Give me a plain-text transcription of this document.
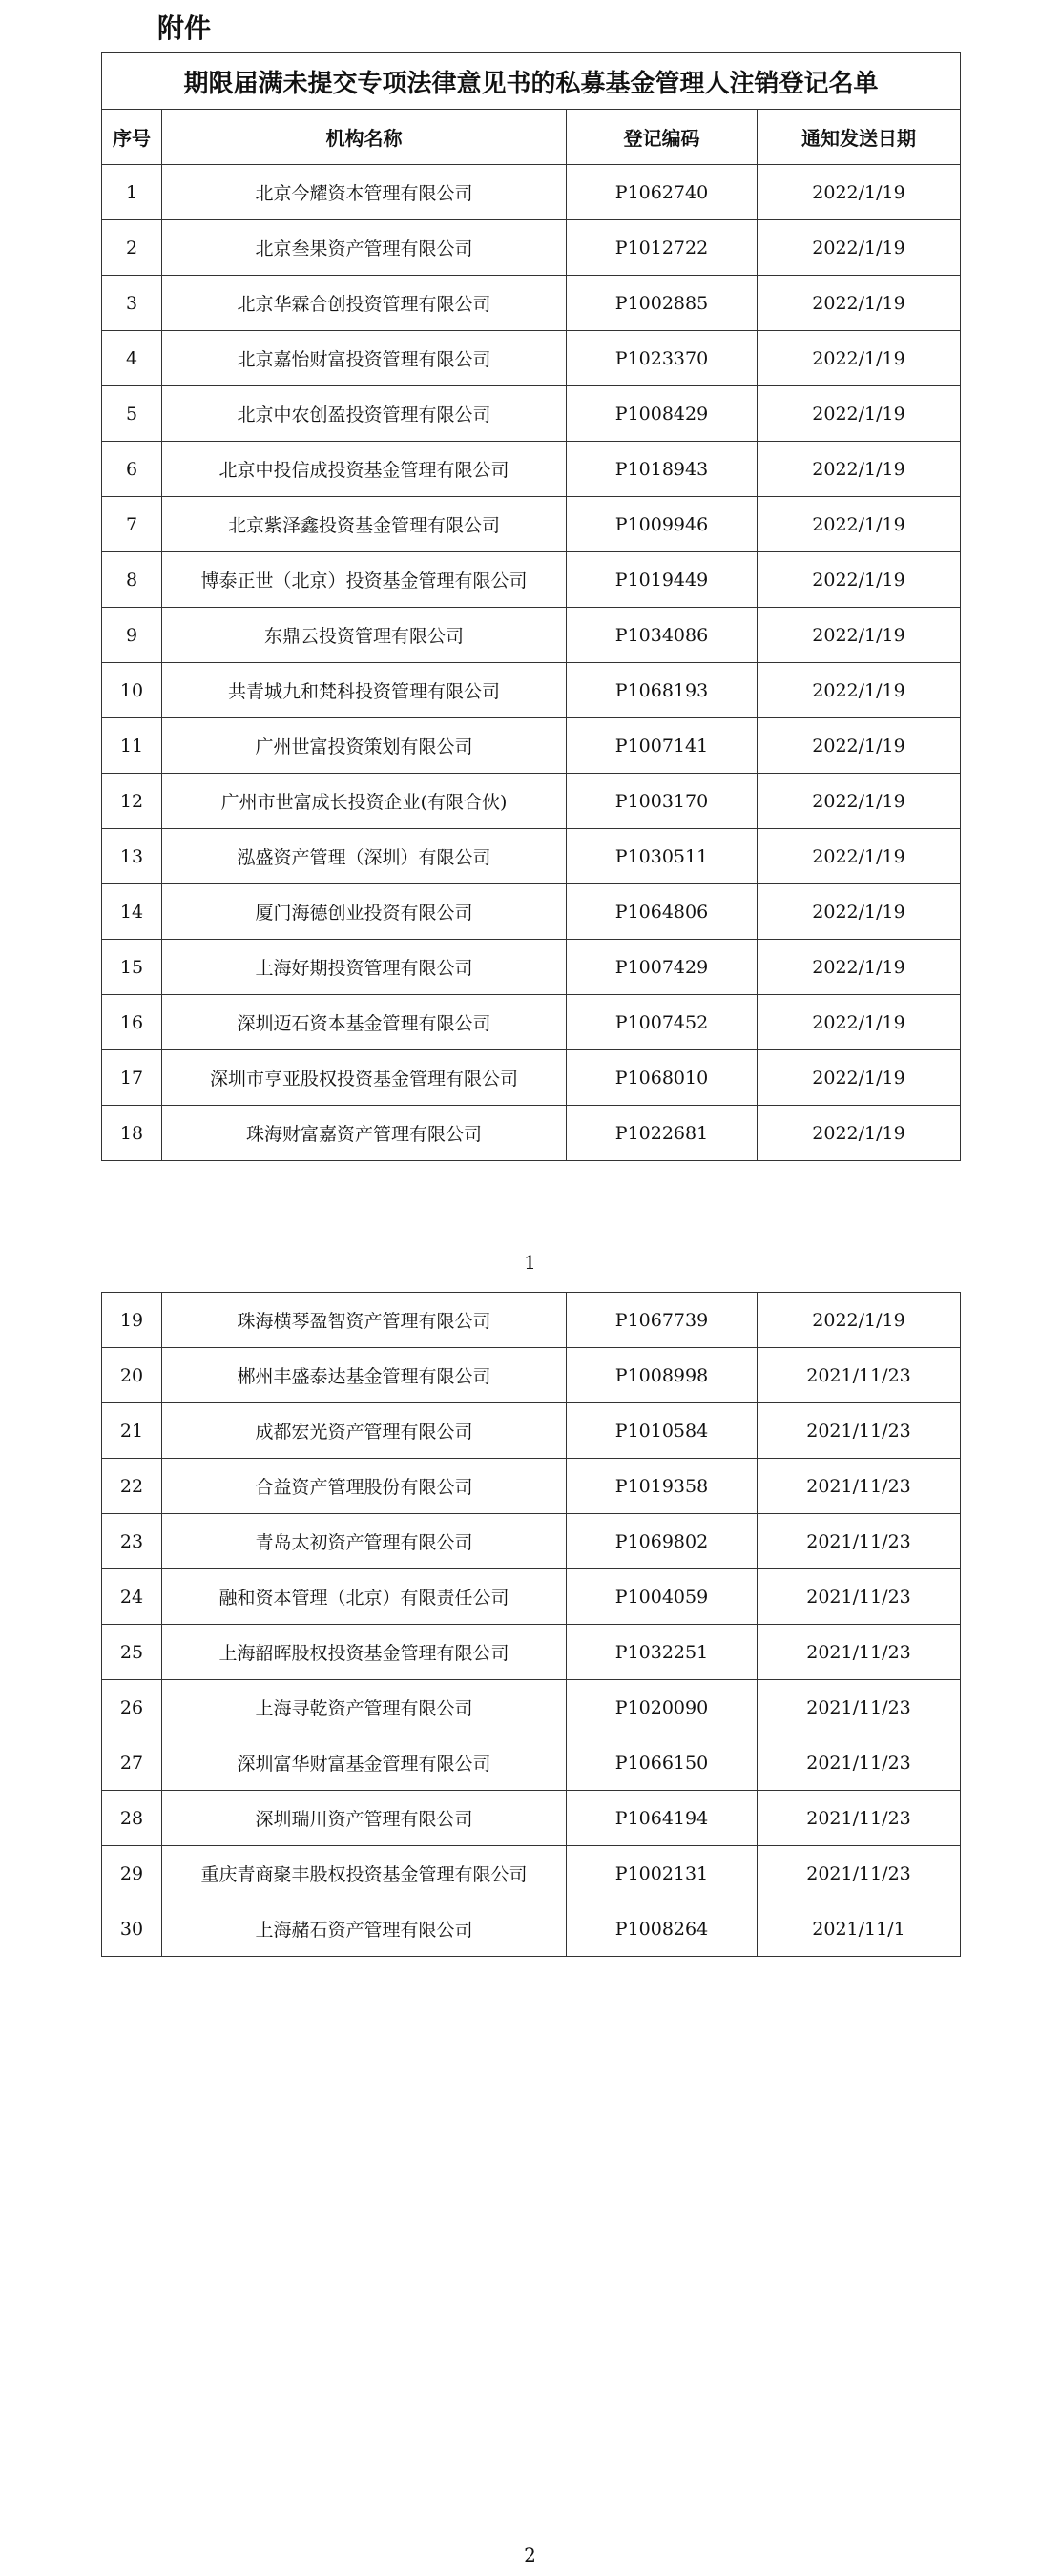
附件
期限届满未提交专项法律意见书的私募基金管理人注销登记名单			
序号	机构名称	登记编码	通知发送日期
1	北京今耀资本管理有限公司	P1062740	2022/1/19
2	北京叁果资产管理有限公司	P1012722	2022/1/19
3	北京华霖合创投资管理有限公司	P1002885	2022/1/19
4	北京嘉怡财富投资管理有限公司	P1023370	2022/1/19
5	北京中农创盈投资管理有限公司	P1008429	2022/1/19
6	北京中投信成投资基金管理有限公司	P1018943	2022/1/19
7	北京紫泽鑫投资基金管理有限公司	P1009946	2022/1/19
8	博泰正世（北京）投资基金管理有限公司	P1019449	2022/1/19
9	东鼎云投资管理有限公司	P1034086	2022/1/19
10	共青城九和梵科投资管理有限公司	P1068193	2022/1/19
11	广州世富投资策划有限公司	P1007141	2022/1/19
12	广州市世富成长投资企业(有限合伙)	P1003170	2022/1/19
13	泓盛资产管理（深圳）有限公司	P1030511	2022/1/19
14	厦门海德创业投资有限公司	P1064806	2022/1/19
15	上海好期投资管理有限公司	P1007429	2022/1/19
16	深圳迈石资本基金管理有限公司	P1007452	2022/1/19
17	深圳市亨亚股权投资基金管理有限公司	P1068010	2022/1/19
18	珠海财富嘉资产管理有限公司	P1022681	2022/1/19
1
19	珠海横琴盈智资产管理有限公司	P1067739	2022/1/19
20	郴州丰盛泰达基金管理有限公司	P1008998	2021/11/23
21	成都宏光资产管理有限公司	P1010584	2021/11/23
22	合益资产管理股份有限公司	P1019358	2021/11/23
23	青岛太初资产管理有限公司	P1069802	2021/11/23
24	融和资本管理（北京）有限责任公司	P1004059	2021/11/23
25	上海韶晖股权投资基金管理有限公司	P1032251	2021/11/23
26	上海寻乾资产管理有限公司	P1020090	2021/11/23
27	深圳富华财富基金管理有限公司	P1066150	2021/11/23
28	深圳瑞川资产管理有限公司	P1064194	2021/11/23
29	重庆青商聚丰股权投资基金管理有限公司	P1002131	2021/11/23
30	上海赭石资产管理有限公司	P1008264	2021/11/1
2
